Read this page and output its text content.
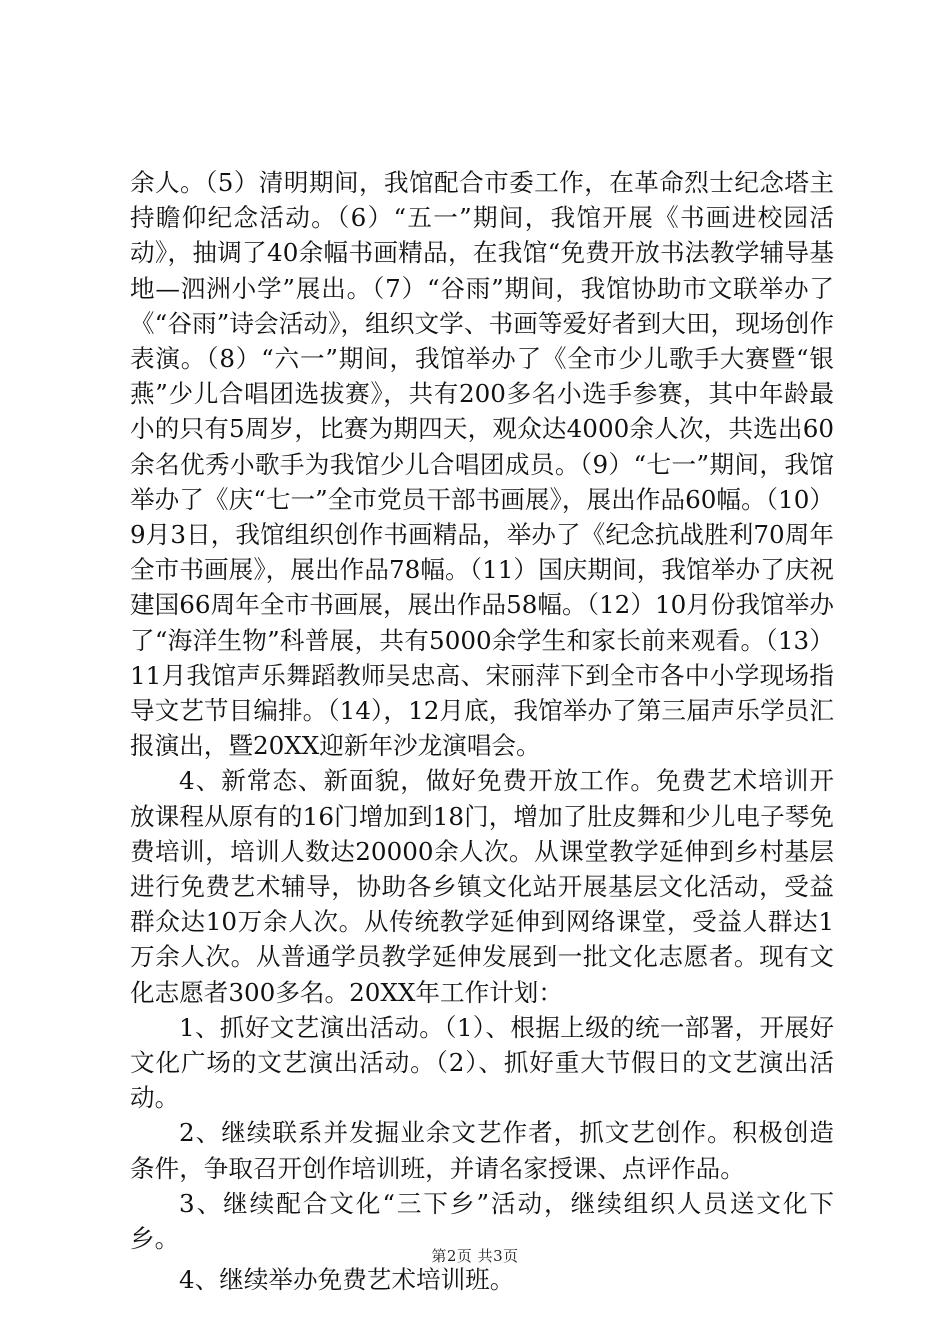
余人。（5）清明期间，我馆配合市委工作，在革命烈士纪念塔主持瞻仰纪念活动。（6）“五一”期间，我馆开展《书画进校园活动》，抽调了40余幅书画精品，在我馆“免费开放书法教学辅导基地—泗洲小学”展出。（7）“谷雨”期间，我馆协助市文联举办了《“谷雨”诗会活动》，组织文学、书画等爱好者到大田，现场创作表演。（8）“六一”期间，我馆举办了《全市少儿歌手大赛暨“银燕”少儿合唱团选拔赛》，共有200多名小选手参赛，其中年龄最小的只有5周岁，比赛为期四天，观众达4000余人次，共选出60余名优秀小歌手为我馆少儿合唱团成员。（9）“七一”期间，我馆举办了《庆“七一”全市党员干部书画展》，展出作品60幅。（10）9月3日，我馆组织创作书画精品，举办了《纪念抗战胜利70周年全市书画展》，展出作品78幅。（11）国庆期间，我馆举办了庆祝建国66周年全市书画展，展出作品58幅。（12）10月份我馆举办了“海洋生物”科普展，共有5000余学生和家长前来观看。（13）11月我馆声乐舞蹈教师吴忠高、宋丽萍下到全市各中小学现场指导文艺节目编排。（14），12月底，我馆举办了第三届声乐学员汇报演出，暨20XX迎新年沙龙演唱会。

4、新常态、新面貌，做好免费开放工作。免费艺术培训开放课程从原有的16门增加到18门，增加了肚皮舞和少儿电子琴免费培训，培训人数达20000余人次。从课堂教学延伸到乡村基层进行免费艺术辅导，协助各乡镇文化站开展基层文化活动，受益群众达10万余人次。从传统教学延伸到网络课堂，受益人群达1万余人次。从普通学员教学延伸发展到一批文化志愿者。现有文化志愿者300多名。20XX年工作计划：

1、抓好文艺演出活动。（1）、根据上级的统一部署，开展好文化广场的文艺演出活动。（2）、抓好重大节假日的文艺演出活动。

2、继续联系并发掘业余文艺作者，抓文艺创作。积极创造条件，争取召开创作培训班，并请名家授课、点评作品。

3、继续配合文化“三下乡”活动，继续组织人员送文化下乡。

4、继续举办免费艺术培训班。

第2页 共3页
